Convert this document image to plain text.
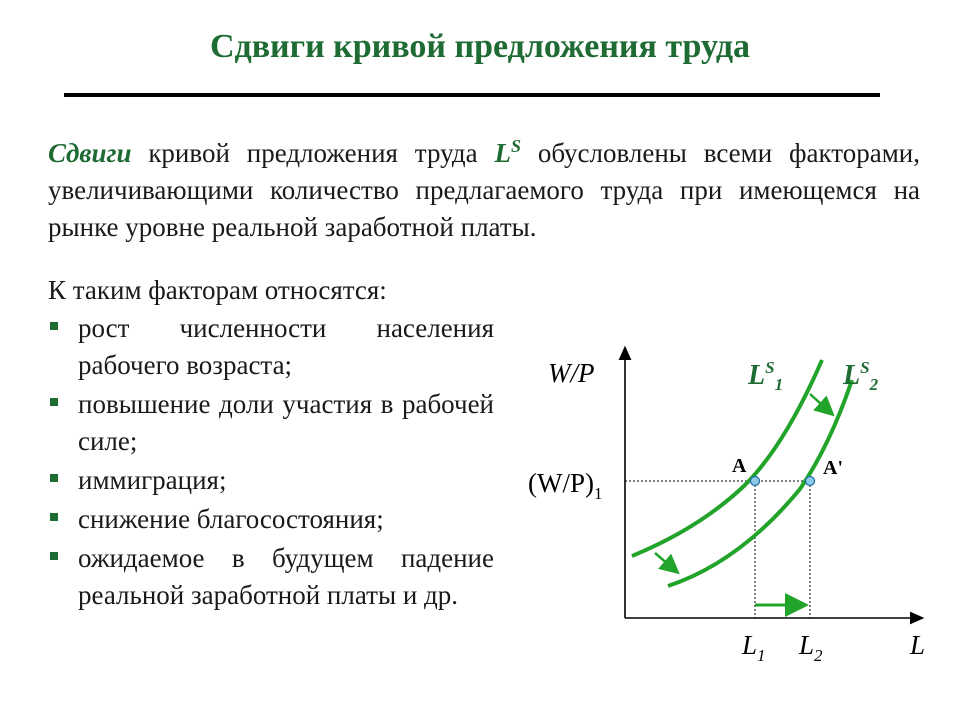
Сдвиги кривой предложения труда
Сдвиги кривой предложения труда $L^S$ обусловлены всеми факторами, увеличивающими количество предлагаемого труда при имеющемся на рынке уровне реальной заработной платы.
К таким факторам относятся:
рост численности населения рабочего возраста;
повышение доли участия в рабочей силе;
иммиграция;
снижение благосостояния;
ожидаемое в будущем падение реальной заработной платы и др.
W/P
L
$(W/P)_1$
$L_1$ $L_2$
A	A'
$L^S_1$ $L^S_2$
